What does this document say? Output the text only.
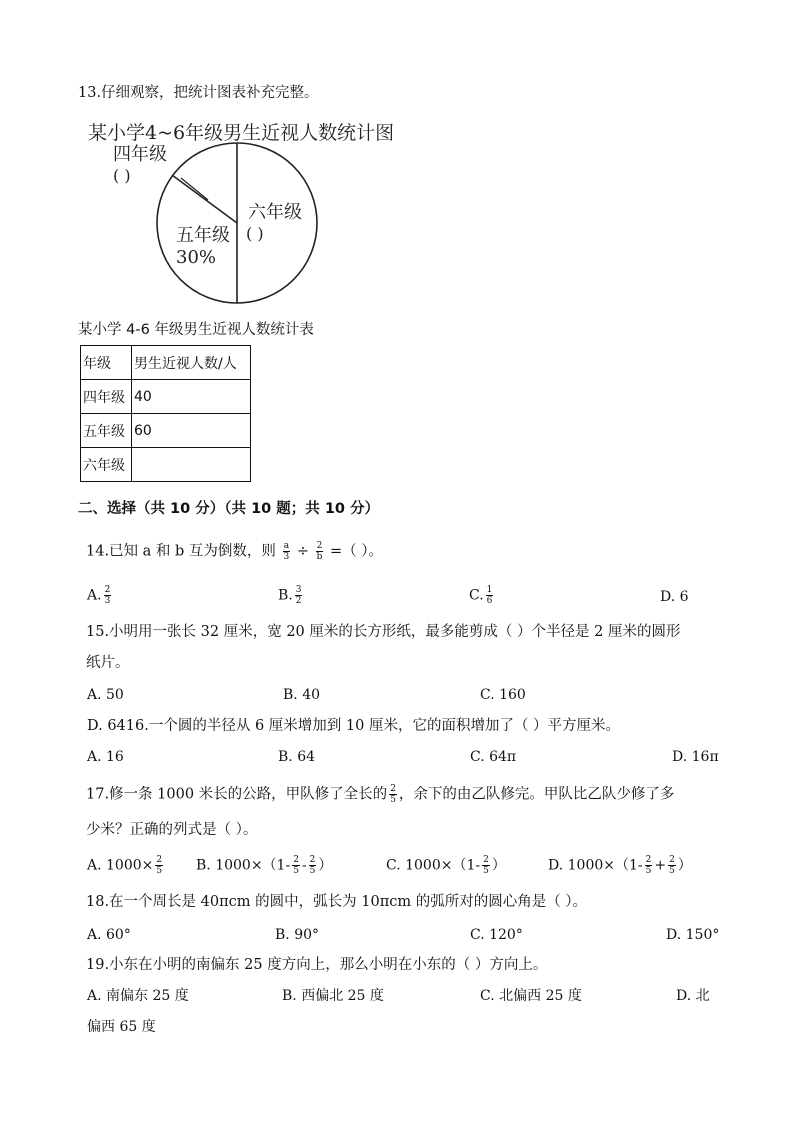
13.仔细观察，把统计图表补充完整。
某小学4~6年级男生近视人数统计图
四年级
( )
五年级
30%
六年级
( )
某小学 4-6 年级男生近视人数统计表
年级	男生近视人数/人
四年级	40
五年级	60
六年级	
二、选择（共 10 分）（共 10 题；共 10 分）
14.已知 a 和 b 互为倒数，则 $\frac{a}{3} \div \frac{2}{b}$ =（ ）。
A. $\frac{2}{3}$	B. $\frac{3}{2}$	C. $\frac{1}{6}$	D. 6
15.小明用一张长 32 厘米，宽 20 厘米的长方形纸，最多能剪成（ ）个半径是 2 厘米的圆形
纸片。
A. 50	B. 40	C. 160
D. 6416.一个圆的半径从 6 厘米增加到 10 厘米，它的面积增加了（ ）平方厘米。
A. 16	B. 64	C. 64π	D. 16π
17.修一条 1000 米长的公路，甲队修了全长的 $\frac{2}{5}$ ，余下的由乙队修完。甲队比乙队少修了多
少米？正确的列式是（ ）。
A. $1000\times \frac{2}{5} B$. $1000\times(1- \frac{2}{5} - \frac{2}{5}$ ）	C. $1000\times(1- \frac{2}{5}$ ）	D. $1000\times(1- \frac{2}{5} + \frac{2}{5}$ ）
18.在一个周长是 40πcm 的圆中，弧长为 10πcm 的弧所对的圆心角是（ ）。
A. 60°	B. 90°	C. 120°	D. 150°
19.小东在小明的南偏东 25 度方向上，那么小明在小东的（ ）方向上。
A. 南偏东 25 度	B. 西偏北 25 度	C. 北偏西 25 度	D. 北
偏西 65 度
